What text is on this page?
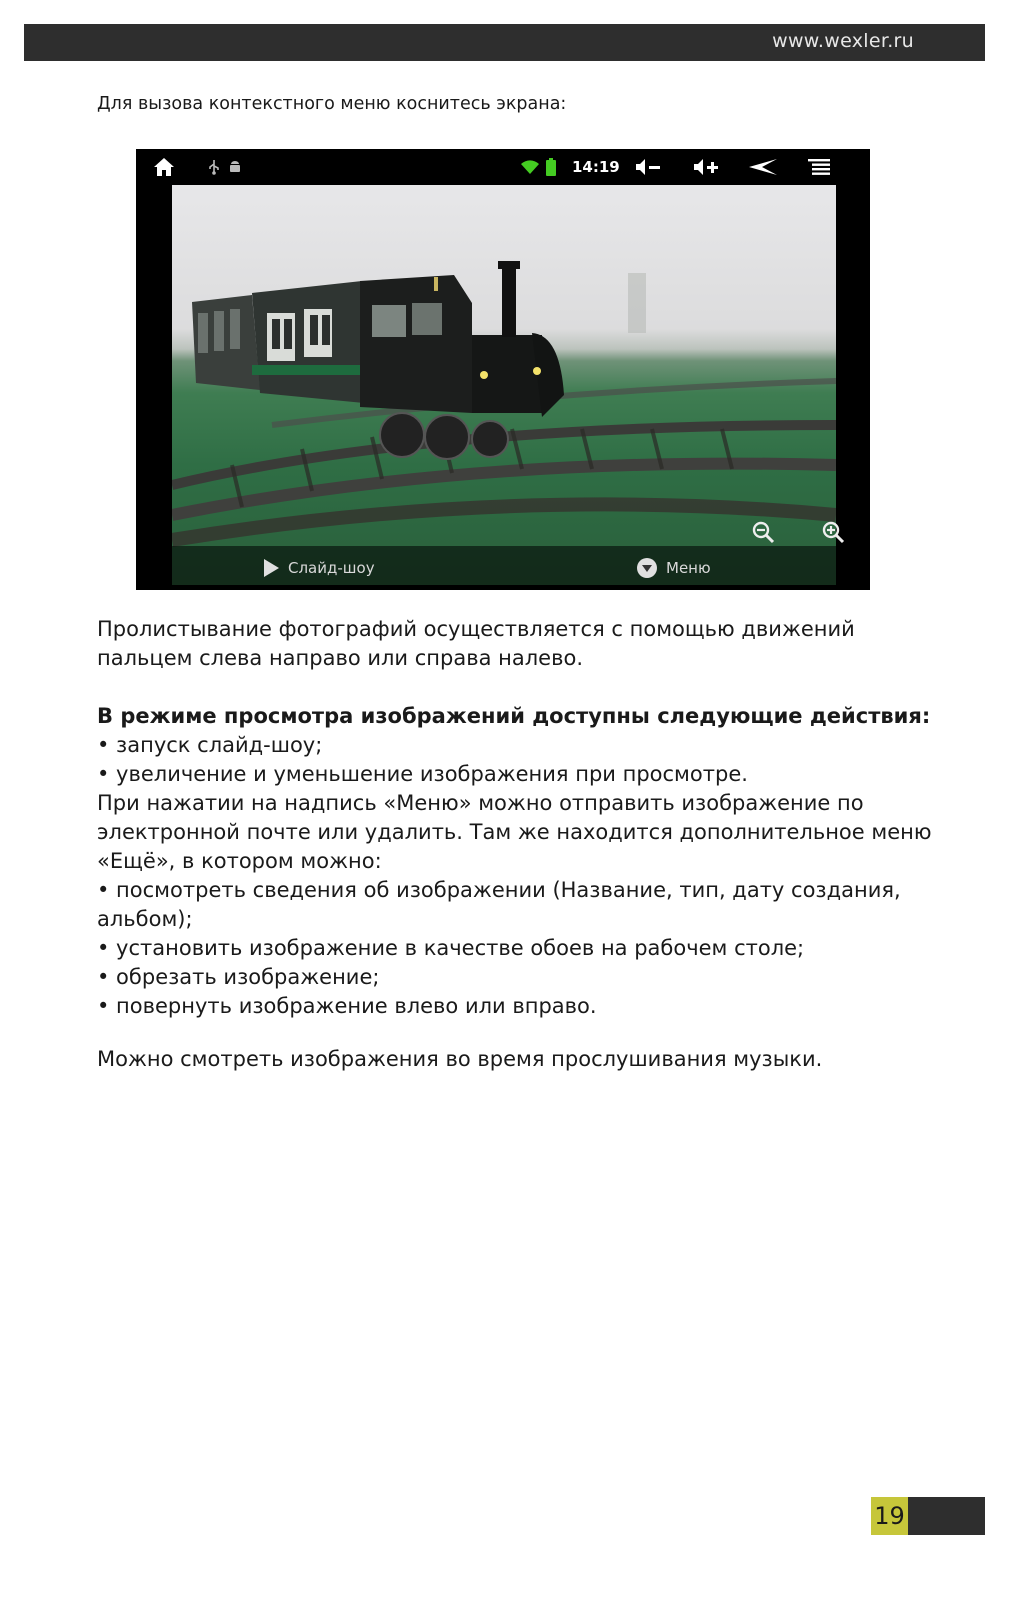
www.wexler.ru
Для вызова контекстного меню коснитесь экрана:
14:19
Слайд-шоу	Меню
Пролистывание фотографий осуществляется с помощью движений
пальцем слева направо или справа налево.
В режиме просмотра изображений доступны следующие действия:
• запуск слайд-шоу;
• увеличение и уменьшение изображения при просмотре.
При нажатии на надпись «Меню» можно отправить изображение по
электронной почте или удалить. Там же находится дополнительное меню
«Ещё», в котором можно:
• посмотреть сведения об изображении (Название, тип, дату создания,
альбом);
• установить изображение в качестве обоев на рабочем столе;
• обрезать изображение;
• повернуть изображение влево или вправо.
Можно смотреть изображения во время прослушивания музыки.
19
